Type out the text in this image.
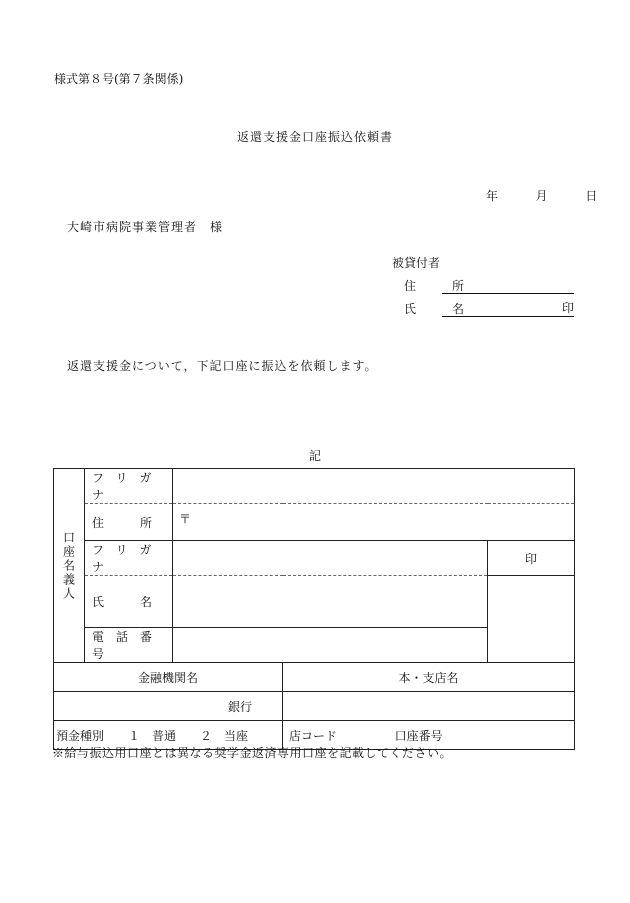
様式第８号(第７条関係)
返還支援金口座振込依頼書
年	月	日
大崎市病院事業管理者　様
被貸付者
住　所
氏　名	印
返還支援金について，下記口座に振込を依頼します。
記
口座名義人	フリガナ			

	住　　　所	〒		
	フリガナ			印

	氏　　　名			

	電話番号			
金融機関名			本・支店名	
銀行				
預金種別　　１　普通　　２　当座			店コード 口座番号	
※給与振込用口座とは異なる奨学金返済専用口座を記載してください。
